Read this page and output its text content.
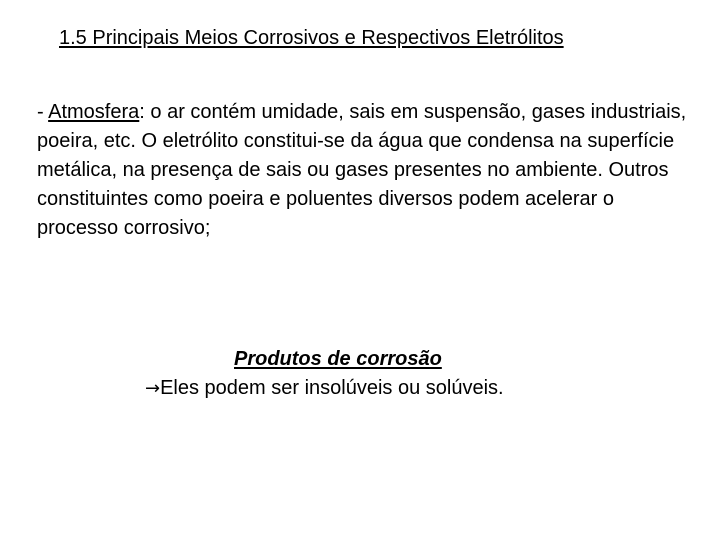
1.5 Principais Meios Corrosivos e Respectivos Eletrólitos
- Atmosfera: o ar contém umidade, sais em suspensão, gases industriais, poeira, etc. O eletrólito constitui-se da água que condensa na superfície metálica, na presença de sais ou gases presentes no ambiente. Outros constituintes como poeira e poluentes diversos podem acelerar o processo corrosivo;
Produtos de corrosão
→Eles podem ser insolúveis ou solúveis.
